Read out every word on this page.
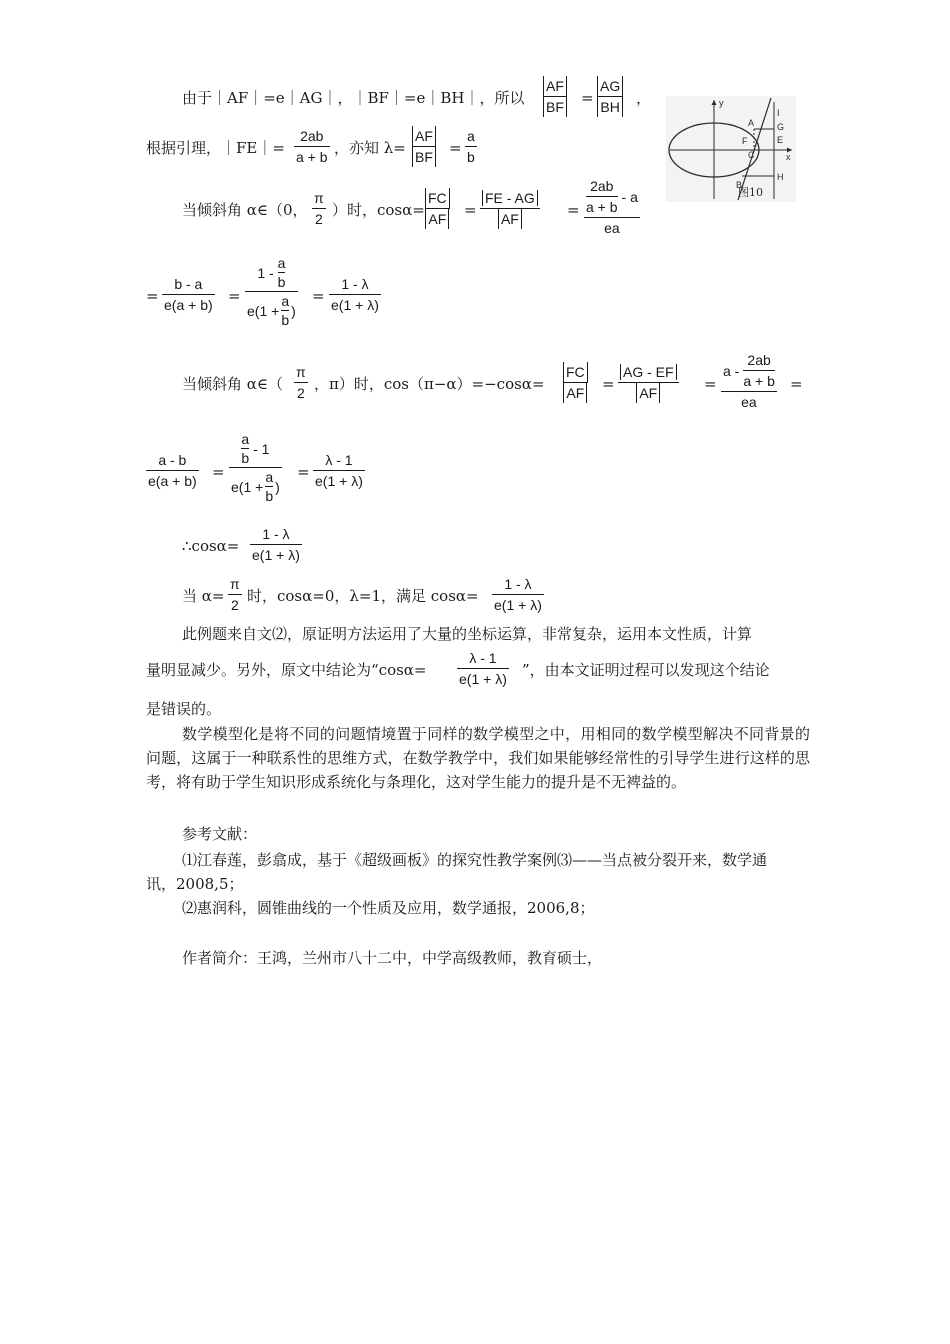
由于｜AF｜=e｜AG｜，｜BF｜=e｜BH｜，所以
AF
BF =
AG
BH ，
根据引理，｜FE｜=
2ab
a + b ，亦知 λ=
AF
BF =
a
b
当倾斜角 α∈（0，
π
2 ）时，cosα=
FC
AF =
FE - AG
AF	=
2ab
a + b
- a
ea
=
b - a
e(a + b) =
1 -
a
b
e(1 +
a
b
)
=
1 - λ
e(1 + λ)
当倾斜角 α∈（
π
2 ，π）时，cos（π−α）=−cosα=
FC
AF =
AG - EF
AF	=
a -
2ab
a + b
ea
=
a - b
e(a + b) =
a
b
- 1
e(1 +
a
b
)
=
λ - 1
e(1 + λ)
∴cosα=
1 - λ
e(1 + λ)
当 α=
π
2 时，cosα=0，λ=1，满足 cosα=
1 - λ
e(1 + λ)
此例题来自文⑵，原证明方法运用了大量的坐标运算，非常复杂，运用本文性质，计算
量明显减少。另外，原文中结论为“cosα=
λ - 1
e(1 + λ) ”，由本文证明过程可以发现这个结论
是错误的。
数学模型化是将不同的问题情境置于同样的数学模型之中，用相同的数学模型解决不同背景的问题，这属于一种联系性的思维方式，在数学教学中，我们如果能够经常性的引导学生进行这样的思考，将有助于学生知识形成系统化与条理化，这对学生能力的提升是不无裨益的。
参考文献：
⑴江春莲，彭翕成，基于《超级画板》的探究性教学案例⑶——当点被分裂开来，数学通
讯，2008,5；
⑵惠润科，圆锥曲线的一个性质及应用，数学通报，2006,8；
作者简介：王鸿，兰州市八十二中，中学高级教师，教育硕士，
y
x
A
F
C
B
I
G
E
H
图10
